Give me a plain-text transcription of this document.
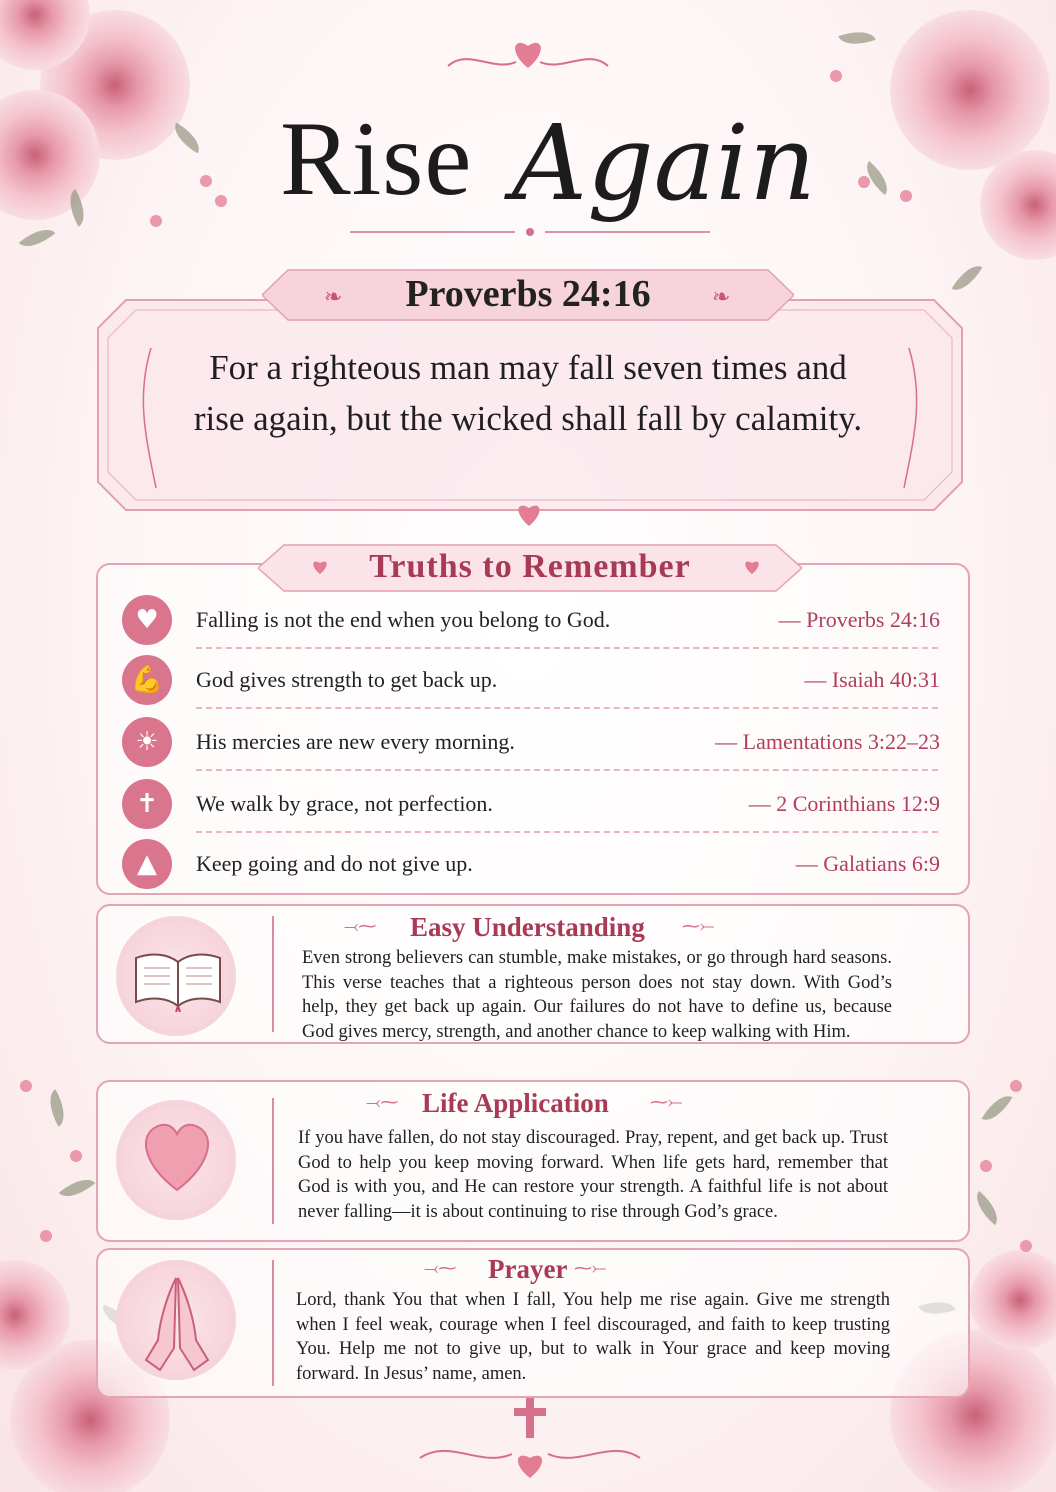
Rise Again
❧	❧
Proverbs 24:16
For a righteous man may fall seven times and rise again, but the wicked shall fall by calamity.
♥	Falling is not the end when you belong to God.	— Proverbs 24:16
💪	God gives strength to get back up.	— Isaiah 40:31
☀	His mercies are new every morning.	— Lamentations 3:22–23
✝	We walk by grace, not perfection.	— 2 Corinthians 12:9
▲	Keep going and do not give up.	— Galatians 6:9
Truths to Remember
⤙⁓ Easy Understanding ⁓⤚
Even strong believers can stumble, make mistakes, or go through hard seasons. This verse teaches that a righteous person does not stay down. With God’s help, they get back up again. Our failures do not have to define us, because God gives mercy, strength, and another chance to keep walking with Him.
⤙⁓ Life Application ⁓⤚
If you have fallen, do not stay discouraged. Pray, repent, and get back up. Trust God to help you keep moving forward. When life gets hard, remember that God is with you, and He can restore your strength. A faithful life is not about never falling—it is about continuing to rise through God’s grace.
⤙⁓ Prayer ⁓⤚
Lord, thank You that when I fall, You help me rise again. Give me strength when I feel weak, courage when I feel discouraged, and faith to keep trusting You. Help me not to give up, but to walk in Your grace and keep moving forward. In Jesus’ name, amen.
